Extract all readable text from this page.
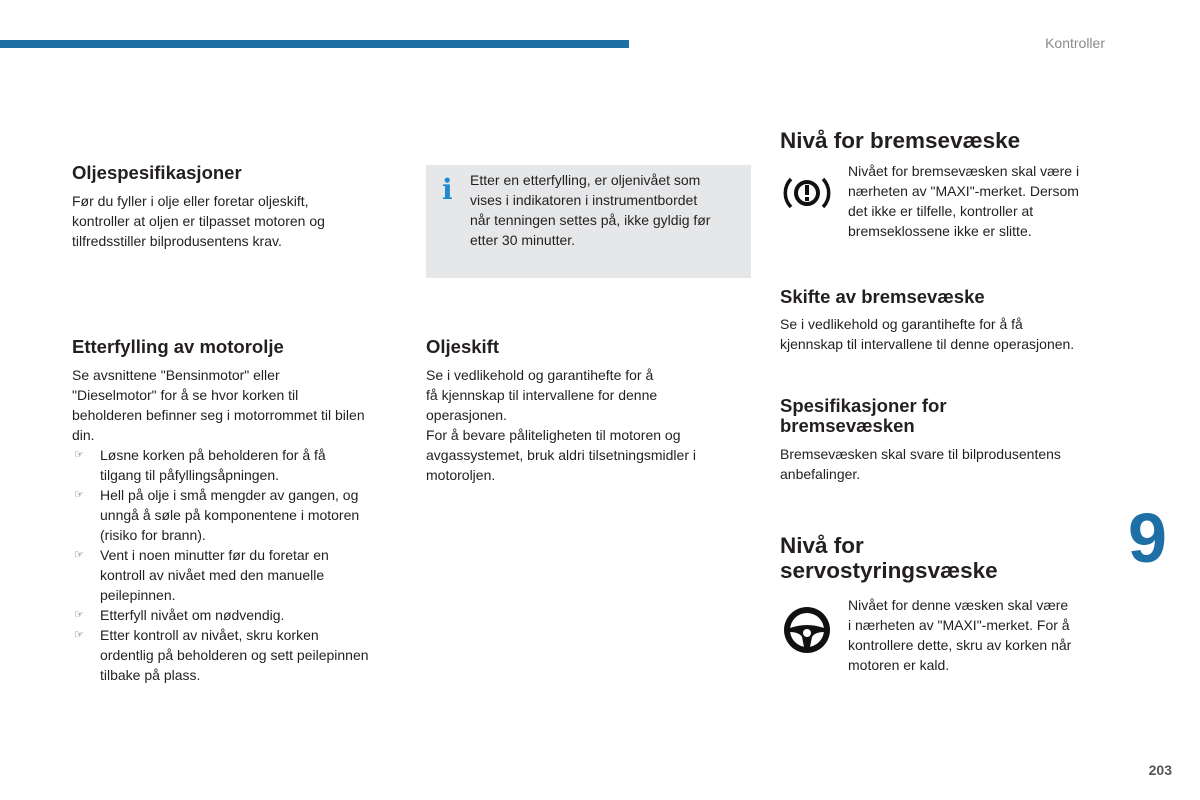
Kontroller
Oljespesifikasjoner

Før du fyller i olje eller foretar oljeskift,
kontroller at oljen er tilpasset motoren og
tilfredsstiller bilprodusentens krav.

Etterfylling av motorolje

Se avsnittene "Bensinmotor" eller
"Dieselmotor" for å se hvor korken til
beholderen befinner seg i motorrommet til bilen
din.

☞ Løsne korken på beholderen for å få
tilgang til påfyllingsåpningen.
☞ Hell på olje i små mengder av gangen, og
unngå å søle på komponentene i motoren
(risiko for brann).
☞ Vent i noen minutter før du foretar en
kontroll av nivået med den manuelle
peilepinnen.
☞ Etterfyll nivået om nødvendig.
☞ Etter kontroll av nivået, skru korken
ordentlig på beholderen og sett peilepinnen
tilbake på plass.
i Etter en etterfylling, er oljenivået som
vises i indikatoren i instrumentbordet
når tenningen settes på, ikke gyldig før
etter 30 minutter.
Oljeskift

Se i vedlikehold og garantihefte for å
få kjennskap til intervallene for denne
operasjonen.
For å bevare påliteligheten til motoren og
avgassystemet, bruk aldri tilsetningsmidler i
motoroljen.

Nivå for bremsevæske

Nivået for bremsevæsken skal være i
nærheten av "MAXI"-merket. Dersom
det ikke er tilfelle, kontroller at
bremseklossene ikke er slitte.

Skifte av bremsevæske

Se i vedlikehold og garantihefte for å få
kjennskap til intervallene til denne operasjonen.

Spesifikasjoner for
bremsevæsken

Bremsevæsken skal svare til bilprodusentens
anbefalinger.

Nivå for
servostyringsvæske

Nivået for denne væsken skal være
i nærheten av "MAXI"-merket. For å
kontrollere dette, skru av korken når
motoren er kald.

9
203
